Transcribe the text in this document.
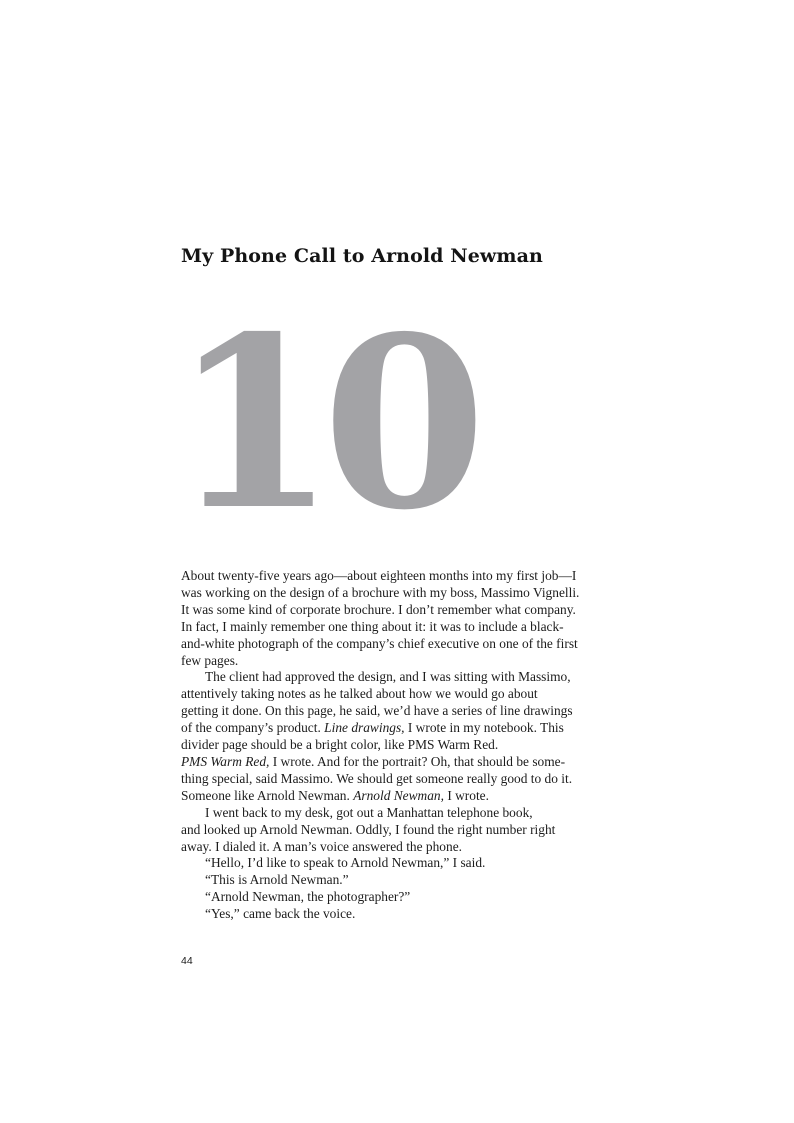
My Phone Call to Arnold Newman
10

About twenty-five years ago—about eighteen months into my first job—I
was working on the design of a brochure with my boss, Massimo Vignelli.
It was some kind of corporate brochure. I don’t remember what company.
In fact, I mainly remember one thing about it: it was to include a black-
and-white photograph of the company’s chief executive on one of the first
few pages.

The client had approved the design, and I was sitting with Massimo,
attentively taking notes as he talked about how we would go about
getting it done. On this page, he said, we’d have a series of line drawings
of the company’s product. Line drawings, I wrote in my notebook. This
divider page should be a bright color, like PMS Warm Red.
PMS Warm Red, I wrote. And for the portrait? Oh, that should be some-
thing special, said Massimo. We should get someone really good to do it.
Someone like Arnold Newman. Arnold Newman, I wrote.

I went back to my desk, got out a Manhattan telephone book,
and looked up Arnold Newman. Oddly, I found the right number right
away. I dialed it. A man’s voice answered the phone.

“Hello, I’d like to speak to Arnold Newman,” I said.
“This is Arnold Newman.”
“Arnold Newman, the photographer?”
“Yes,” came back the voice.

44
